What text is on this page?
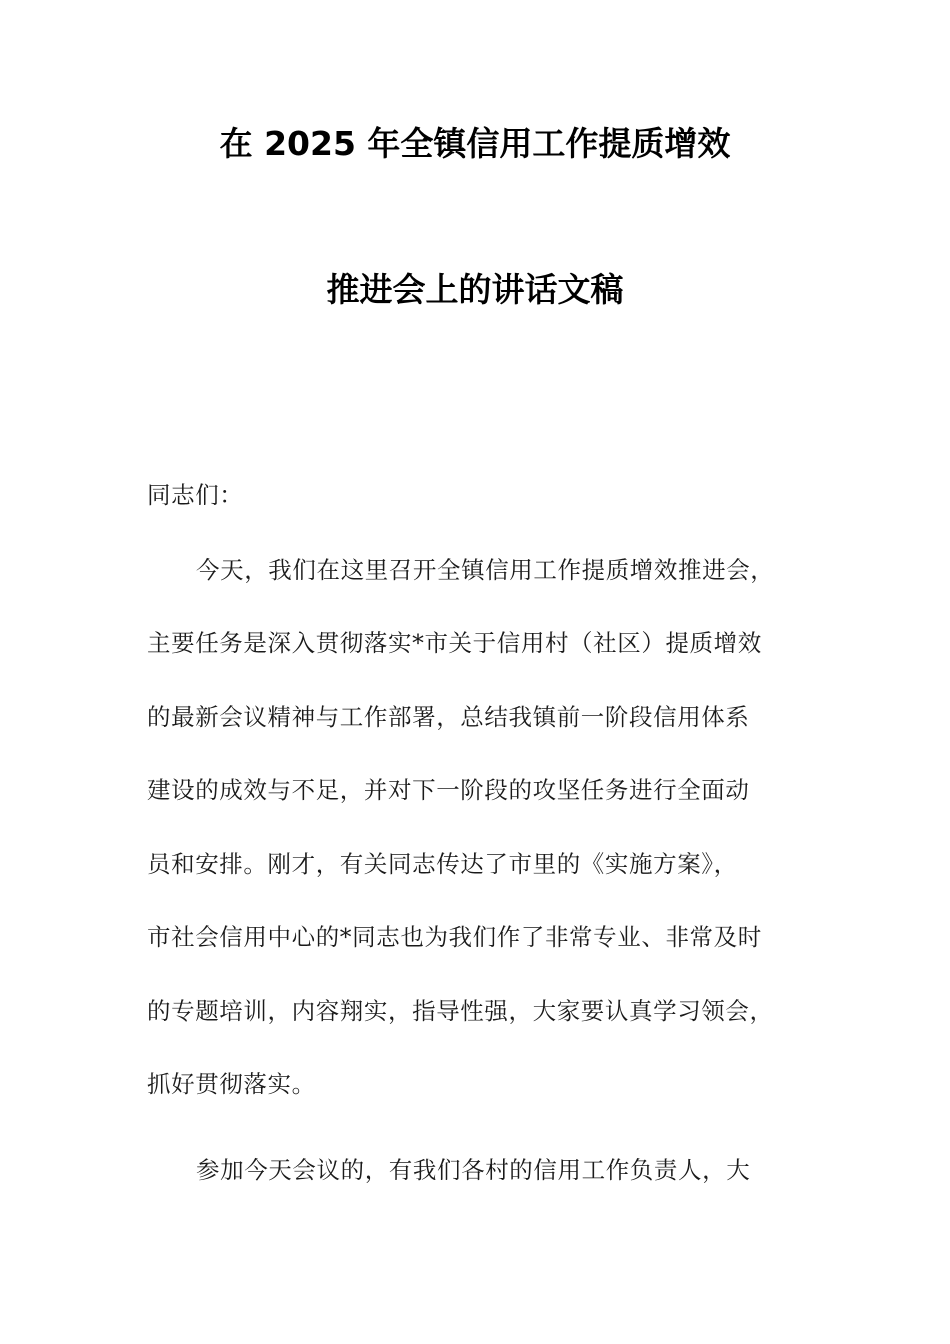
在 2025 年全镇信用工作提质增效
推进会上的讲话文稿
同志们：
今天，我们在这里召开全镇信用工作提质增效推进会，
主要任务是深入贯彻落实*市关于信用村（社区）提质增效
的最新会议精神与工作部署，总结我镇前一阶段信用体系
建设的成效与不足，并对下一阶段的攻坚任务进行全面动
员和安排。刚才，有关同志传达了市里的《实施方案》，
市社会信用中心的*同志也为我们作了非常专业、非常及时
的专题培训，内容翔实，指导性强，大家要认真学习领会，
抓好贯彻落实。
参加今天会议的，有我们各村的信用工作负责人，大
